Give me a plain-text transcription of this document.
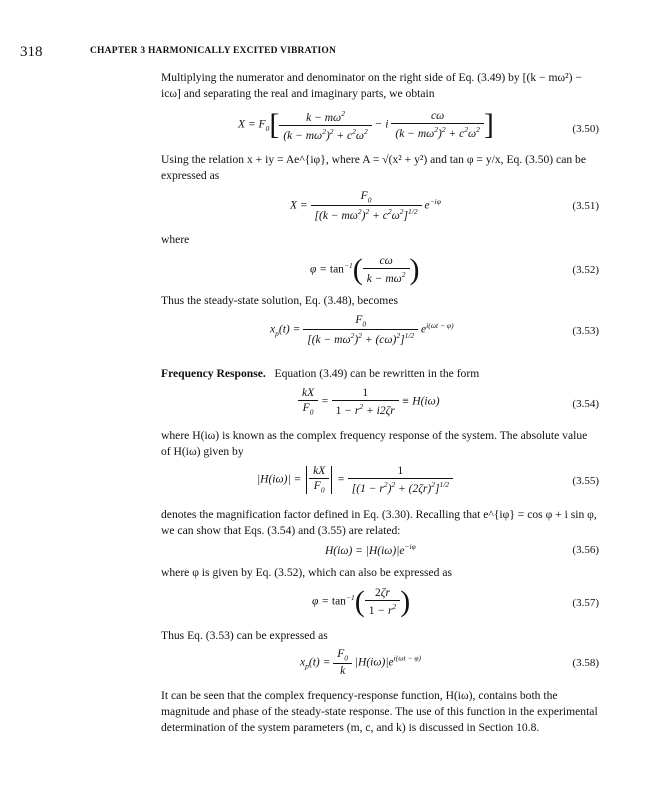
318	CHAPTER 3 HARMONICALLY EXCITED VIBRATION
Multiplying the numerator and denominator on the right side of Eq. (3.49) by [(k − mω²) − icω] and separating the real and imaginary parts, we obtain
$X = F_0[ \frac{k - m\omega^2}{(k - m\omega^2)^2 + c^2\omega^2} - i \frac{c\omega}{(k - m\omega^2)^2 + c^2\omega^2}$ ]	(3.50)
Using the relation x + iy = Ae^{iφ}, where A = √(x² + y²) and tan φ = y/x, Eq. (3.50) can be expressed as
$X = \frac{F_0}{[(k - m\omega^2)^2 + c^2\omega^2]^{1/2}} e^{-i\varphi}$	(3.51)
where
$\varphi = \tan^{-1}( \frac{c\omega}{k - m\omega^2}$ )	(3.52)
Thus the steady-state solution, Eq. (3.48), becomes
$x_p(t) = \frac{F_0}{[(k - m\omega^2)^2 + (c\omega)^2]^{1/2}} e^{i(\omega t - \varphi)}$	(3.53)
Frequency Response. Equation (3.49) can be rewritten in the form
$\frac{kX}{F_0} = \frac{1}{1 - r^2 + i2\zeta r} \equiv H(i\omega)$	(3.54)
where H(iω) is known as the complex frequency response of the system. The absolute value of H(iω) given by
$|H(i\omega)| = \frac{kX}{F_0} = \frac{1}{[(1 - r^2)^2 + (2\zeta r)^2]^{1/2}}$	(3.55)
denotes the magnification factor defined in Eq. (3.30). Recalling that e^{iφ} = cos φ + i sin φ, we can show that Eqs. (3.54) and (3.55) are related:
$H(i\omega) = |H(i\omega)|e^{-i\varphi}$	(3.56)
where φ is given by Eq. (3.52), which can also be expressed as
$\varphi = \tan^{-1}( \frac{2\zeta r}{1 - r^2}$ )	(3.57)
Thus Eq. (3.53) can be expressed as
$x_p(t) = \frac{F_0}{k} |H(i\omega)|e^{i(\omega t - \varphi)}$	(3.58)
It can be seen that the complex frequency-response function, H(iω), contains both the magnitude and phase of the steady-state response. The use of this function in the experimental determination of the system parameters (m, c, and k) is discussed in Section 10.8.
